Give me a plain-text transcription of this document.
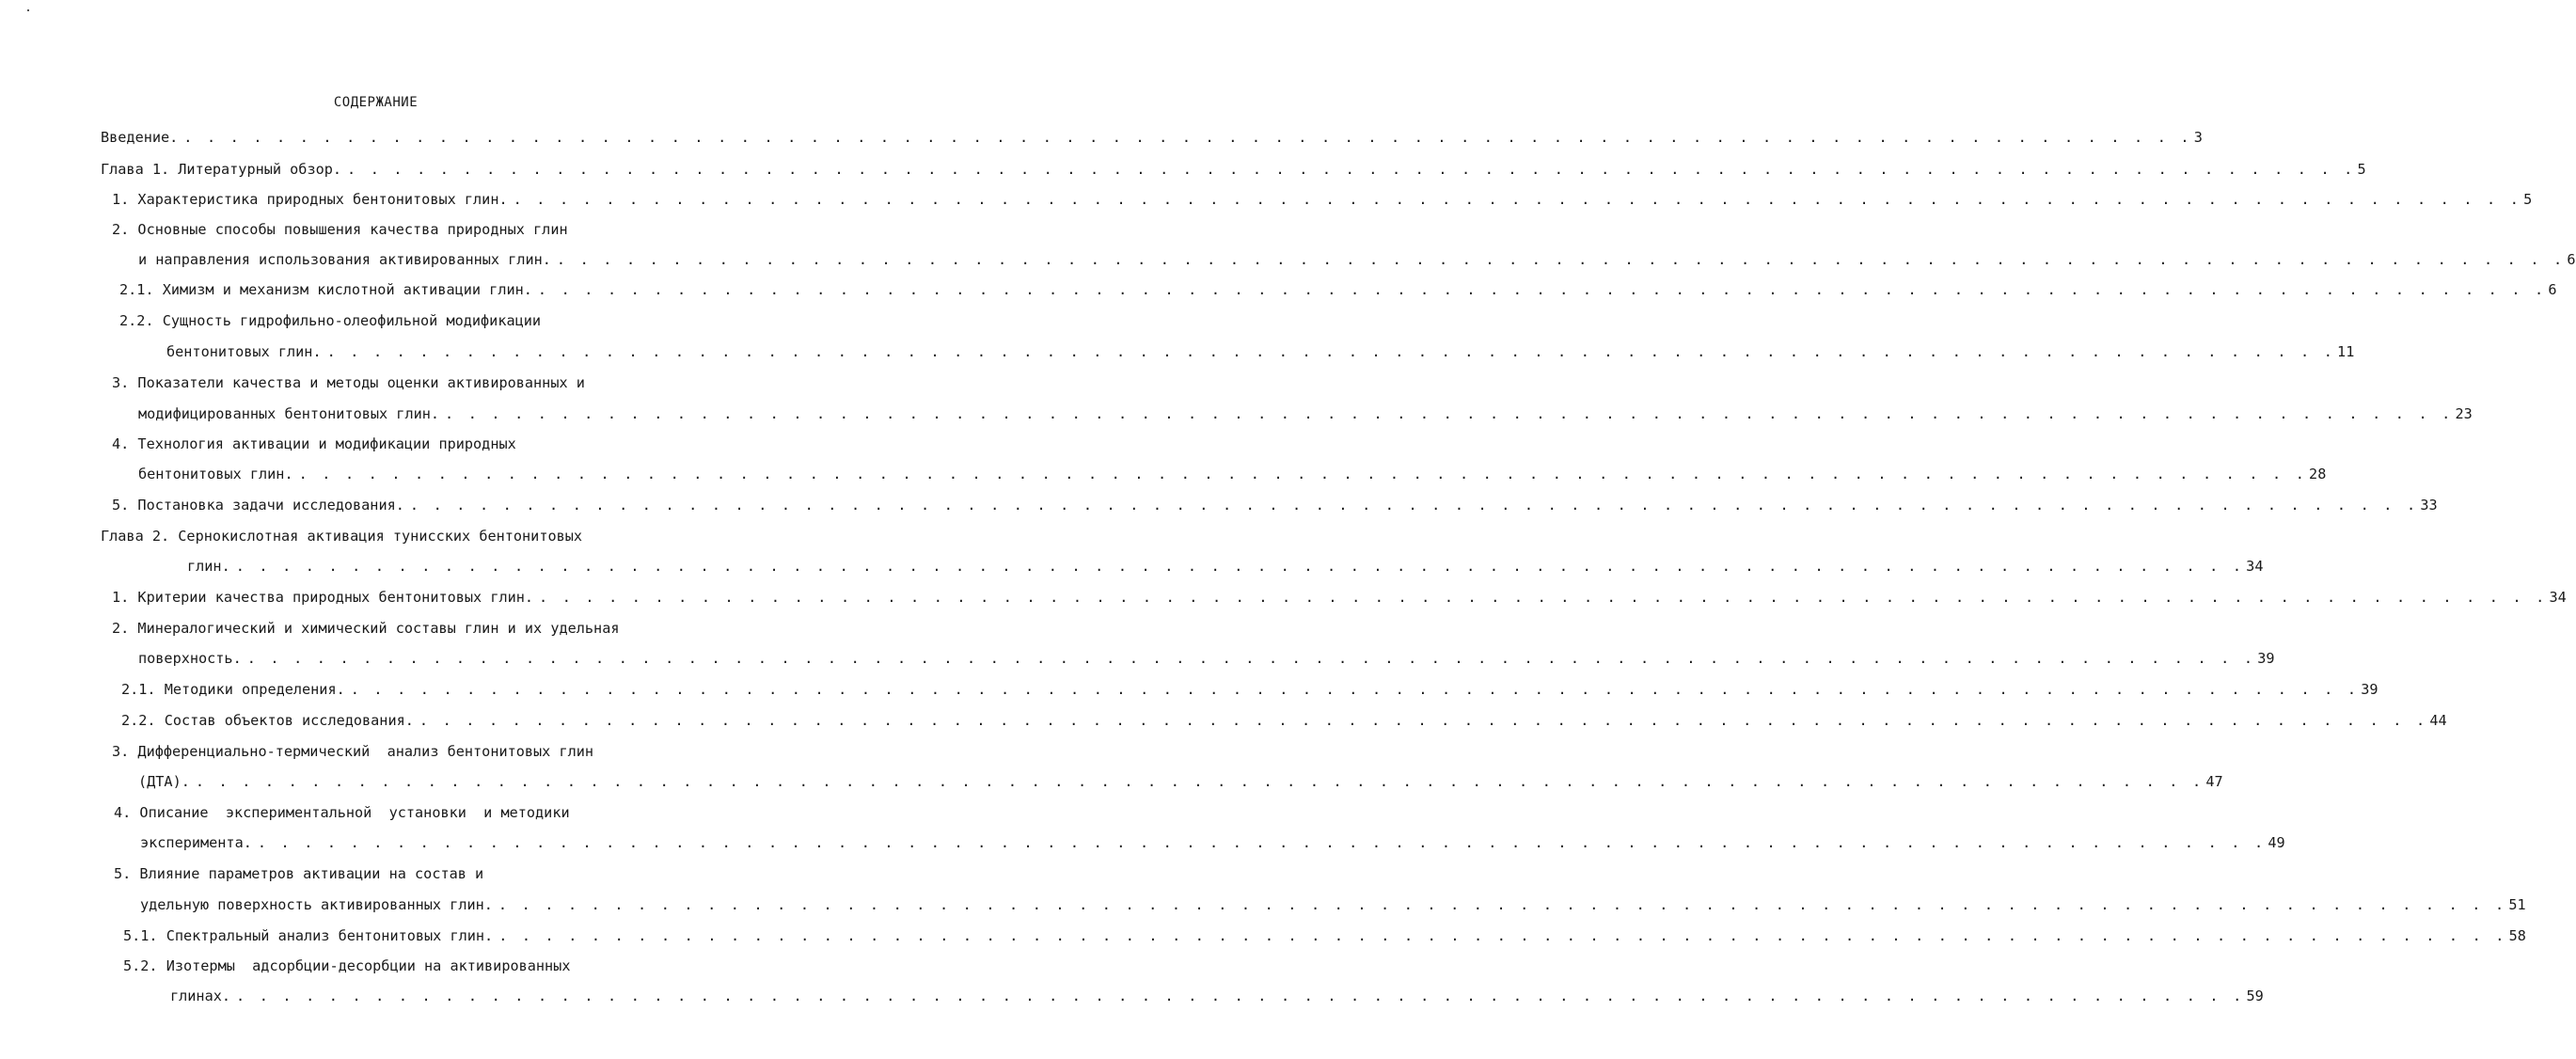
СОДЕРЖАНИЕ
Введение. . . . . . . . . . . . . . . . . . . . . . . . . . . . . . . . . . . . . . . . . . . . . . . . . . . . . . . . . . . . . . . . . . . . . . . . . . . . . . . . . . . . . . . . 3
Глава 1. Литературный обзор. . . . . . . . . . . . . . . . . . . . . . . . . . . . . . . . . . . . . . . . . . . . . . . . . . . . . . . . . . . . . . . . . . . . . . . . . . . . . . . . . . . . . . . . 5
1. Характеристика природных бентонитовых глин. . . . . . . . . . . . . . . . . . . . . . . . . . . . . . . . . . . . . . . . . . . . . . . . . . . . . . . . . . . . . . . . . . . . . . . . . . . . . . . . . . . . . . . . 5
2. Основные способы повышения качества природных глин
и направления использования активированных глин. . . . . . . . . . . . . . . . . . . . . . . . . . . . . . . . . . . . . . . . . . . . . . . . . . . . . . . . . . . . . . . . . . . . . . . . . . . . . . . . . . . . . . . . 6
2.1. Химизм и механизм кислотной активации глин. . . . . . . . . . . . . . . . . . . . . . . . . . . . . . . . . . . . . . . . . . . . . . . . . . . . . . . . . . . . . . . . . . . . . . . . . . . . . . . . . . . . . . . . 6
2.2. Сущность гидрофильно-олеофильной модификации
бентонитовых глин. . . . . . . . . . . . . . . . . . . . . . . . . . . . . . . . . . . . . . . . . . . . . . . . . . . . . . . . . . . . . . . . . . . . . . . . . . . . . . . . . . . . . . . . 11
3. Показатели качества и методы оценки активированных и
модифицированных бентонитовых глин. . . . . . . . . . . . . . . . . . . . . . . . . . . . . . . . . . . . . . . . . . . . . . . . . . . . . . . . . . . . . . . . . . . . . . . . . . . . . . . . . . . . . . . . 23
4. Технология активации и модификации природных
бентонитовых глин. . . . . . . . . . . . . . . . . . . . . . . . . . . . . . . . . . . . . . . . . . . . . . . . . . . . . . . . . . . . . . . . . . . . . . . . . . . . . . . . . . . . . . . . 28
5. Постановка задачи исследования. . . . . . . . . . . . . . . . . . . . . . . . . . . . . . . . . . . . . . . . . . . . . . . . . . . . . . . . . . . . . . . . . . . . . . . . . . . . . . . . . . . . . . . . 33
Глава 2. Сернокислотная активация тунисских бентонитовых
глин. . . . . . . . . . . . . . . . . . . . . . . . . . . . . . . . . . . . . . . . . . . . . . . . . . . . . . . . . . . . . . . . . . . . . . . . . . . . . . . . . . . . . . . . 34
1. Критерии качества природных бентонитовых глин. . . . . . . . . . . . . . . . . . . . . . . . . . . . . . . . . . . . . . . . . . . . . . . . . . . . . . . . . . . . . . . . . . . . . . . . . . . . . . . . . . . . . . . . 34
2. Минералогический и химический составы глин и их удельная
поверхность. . . . . . . . . . . . . . . . . . . . . . . . . . . . . . . . . . . . . . . . . . . . . . . . . . . . . . . . . . . . . . . . . . . . . . . . . . . . . . . . . . . . . . . . 39
2.1. Методики определения. . . . . . . . . . . . . . . . . . . . . . . . . . . . . . . . . . . . . . . . . . . . . . . . . . . . . . . . . . . . . . . . . . . . . . . . . . . . . . . . . . . . . . . . 39
2.2. Состав объектов исследования. . . . . . . . . . . . . . . . . . . . . . . . . . . . . . . . . . . . . . . . . . . . . . . . . . . . . . . . . . . . . . . . . . . . . . . . . . . . . . . . . . . . . . . . 44
3. Дифференциально-термический  анализ бентонитовых глин
(ДТА). . . . . . . . . . . . . . . . . . . . . . . . . . . . . . . . . . . . . . . . . . . . . . . . . . . . . . . . . . . . . . . . . . . . . . . . . . . . . . . . . . . . . . . . 47
4. Описание  экспериментальной  установки  и методики
эксперимента. . . . . . . . . . . . . . . . . . . . . . . . . . . . . . . . . . . . . . . . . . . . . . . . . . . . . . . . . . . . . . . . . . . . . . . . . . . . . . . . . . . . . . . . 49
5. Влияние параметров активации на состав и
удельную поверхность активированных глин. . . . . . . . . . . . . . . . . . . . . . . . . . . . . . . . . . . . . . . . . . . . . . . . . . . . . . . . . . . . . . . . . . . . . . . . . . . . . . . . . . . . . . . . 51
5.1. Спектральный анализ бентонитовых глин. . . . . . . . . . . . . . . . . . . . . . . . . . . . . . . . . . . . . . . . . . . . . . . . . . . . . . . . . . . . . . . . . . . . . . . . . . . . . . . . . . . . . . . . 58
5.2. Изотермы  адсорбции-десорбции на активированных
глинах. . . . . . . . . . . . . . . . . . . . . . . . . . . . . . . . . . . . . . . . . . . . . . . . . . . . . . . . . . . . . . . . . . . . . . . . . . . . . . . . . . . . . . . . 59
